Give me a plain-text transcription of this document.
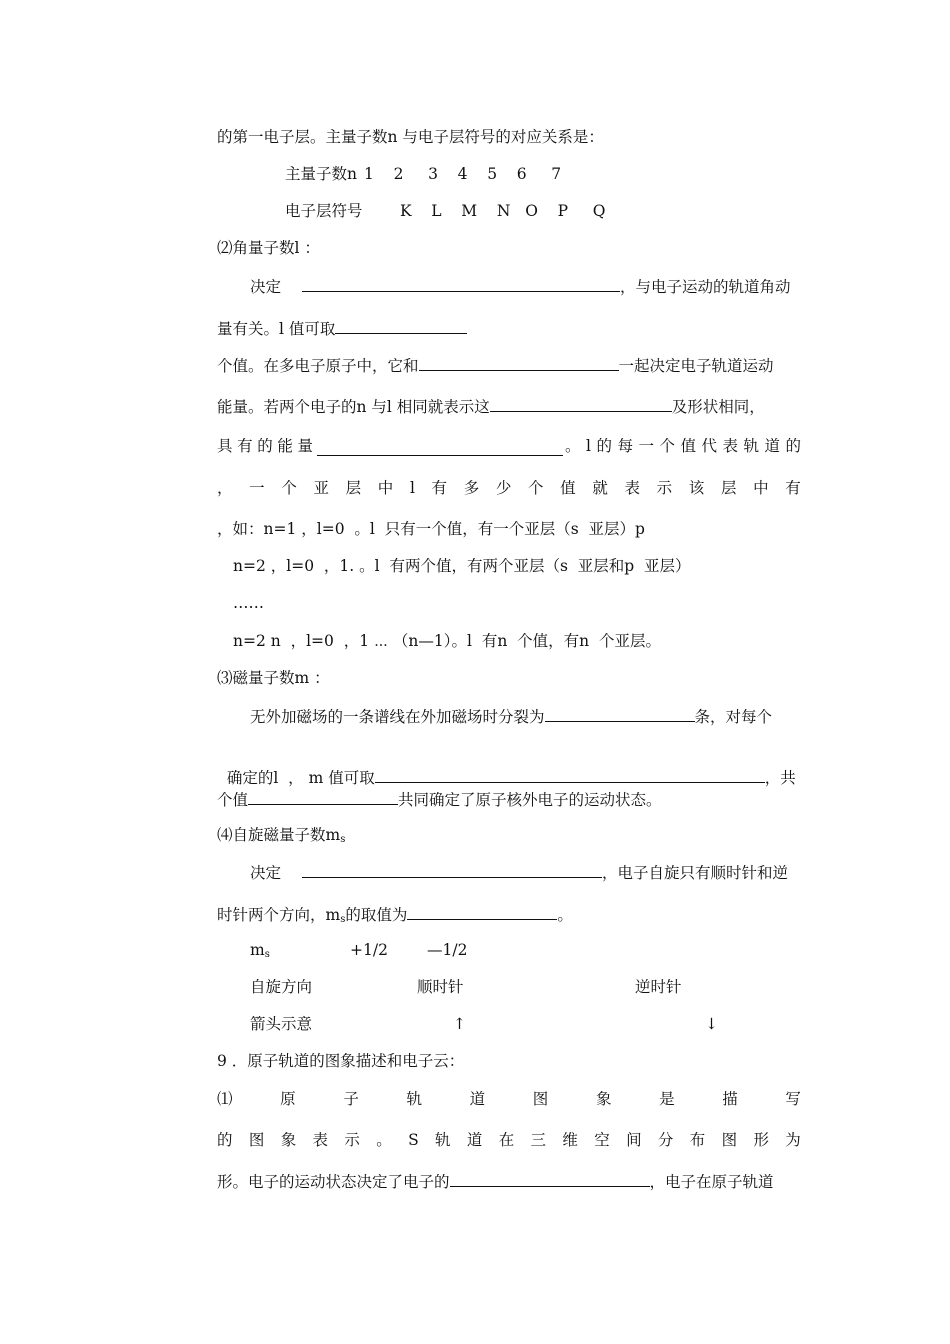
的第一电子层。主量子数n 与电子层符号的对应关系是：
主量子数n 1    2     3    4    5    6     7
电子层符号 K    L    M    N   O    P     Q
⑵角量子数l ：
决定	，与电子运动的轨道角动
量有关。l 值可取
个值。在多电子原子中，它和	一起决定电子轨道运动
能量。若两个电子的n 与l 相同就表示这	及形状相同，
具 有 的 能 量	。 l 的 每 一 个 值 代 表 轨 道 的
， 一 个 亚 层 中 l 有 多 少 个 值 就 表 示 该 层 中 有
，如：n=1 ，l=0  。l  只有一个值，有一个亚层（s  亚层）p
n=2 ，l=0  ，1. 。l  有两个值，有两个亚层（s  亚层和p  亚层）
……
n=2 n  ，l=0  ，1 ⋯ （n—1）。l  有n  个值，有n  个亚层。
⑶磁量子数m ：
无外加磁场的一条谱线在外加磁场时分裂为	条，对每个

确定的l  ， m 值可取	，共

个值	共同确定了原子核外电子的运动状态。
⑷自旋磁量子数$m_s$
决定	，电子自旋只有顺时针和逆
时针两个方向，$m_s$的取值为	。
$m_s$	+1/2	—1/2
自旋方向	顺时针	逆时针
箭头示意	↑	↓
9 ．原子轨道的图象描述和电子云：
⑴	原	子	轨	道	图	象	是	描	写
的 图 象 表 示 。 S 轨 道 在 三 维 空 间 分 布 图 形 为
形。电子的运动状态决定了电子的	，电子在原子轨道
